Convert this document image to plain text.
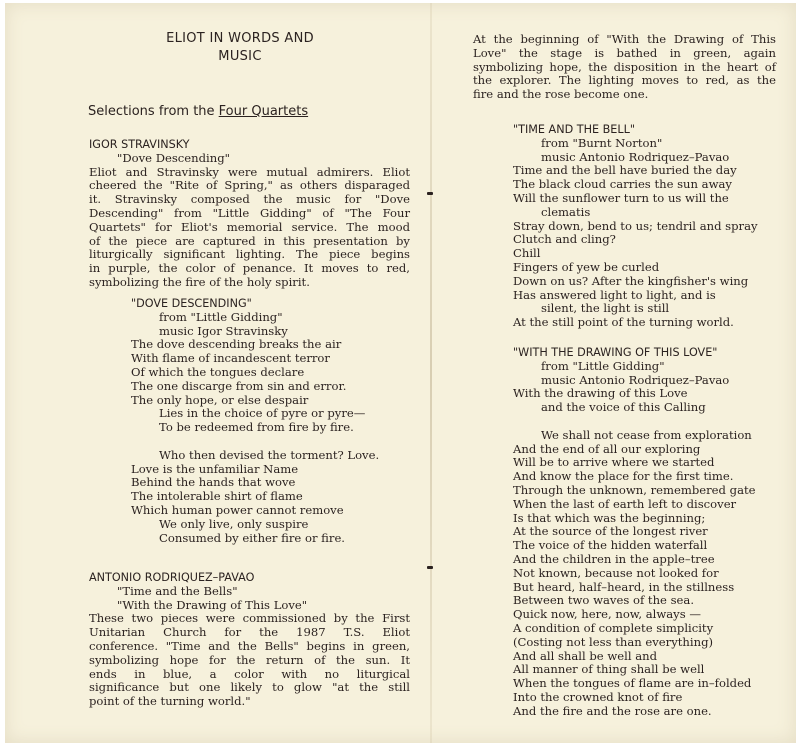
ELIOT IN WORDS AND MUSIC
Selections from the Four Quartets
IGOR STRAVINSKY
"Dove Descending"
Eliot and Stravinsky were mutual admirers. Eliot
cheered the "Rite of Spring," as others disparaged
it. Stravinsky composed the music for "Dove
Descending" from "Little Gidding" of "The Four
Quartets" for Eliot's memorial service. The mood
of the piece are captured in this presentation by
liturgically significant lighting. The piece begins
in purple, the color of penance. It moves to red,
symbolizing the fire of the holy spirit.
"DOVE DESCENDING"
from "Little Gidding"
music Igor Stravinsky
The dove descending breaks the air
With flame of incandescent terror
Of which the tongues declare
The one discarge from sin and error.
The only hope, or else despair
Lies in the choice of pyre or pyre—
To be redeemed from fire by fire.
Who then devised the torment? Love.
Love is the unfamiliar Name
Behind the hands that wove
The intolerable shirt of flame
Which human power cannot remove
We only live, only suspire
Consumed by either fire or fire.
ANTONIO RODRIQUEZ–PAVAO
"Time and the Bells"
"With the Drawing of This Love"
These two pieces were commissioned by the First
Unitarian Church for the 1987 T.S. Eliot
conference. "Time and the Bells" begins in green,
symbolizing hope for the return of the sun. It
ends in blue, a color with no liturgical
significance but one likely to glow "at the still
point of the turning world."
At the beginning of "With the Drawing of This
Love" the stage is bathed in green, again
symbolizing hope, the disposition in the heart of
the explorer. The lighting moves to red, as the
fire and the rose become one.
"TIME AND THE BELL"
from "Burnt Norton"
music Antonio Rodriquez–Pavao
Time and the bell have buried the day
The black cloud carries the sun away
Will the sunflower turn to us will the
clematis
Stray down, bend to us; tendril and spray
Clutch and cling?
Chill
Fingers of yew be curled
Down on us? After the kingfisher's wing
Has answered light to light, and is
silent, the light is still
At the still point of the turning world.
"WITH THE DRAWING OF THIS LOVE"
from "Little Gidding"
music Antonio Rodriquez–Pavao
With the drawing of this Love
and the voice of this Calling
We shall not cease from exploration
And the end of all our exploring
Will be to arrive where we started
And know the place for the first time.
Through the unknown, remembered gate
When the last of earth left to discover
Is that which was the beginning;
At the source of the longest river
The voice of the hidden waterfall
And the children in the apple–tree
Not known, because not looked for
But heard, half–heard, in the stillness
Between two waves of the sea.
Quick now, here, now, always —
A condition of complete simplicity
(Costing not less than everything)
And all shall be well and
All manner of thing shall be well
When the tongues of flame are in–folded
Into the crowned knot of fire
And the fire and the rose are one.
